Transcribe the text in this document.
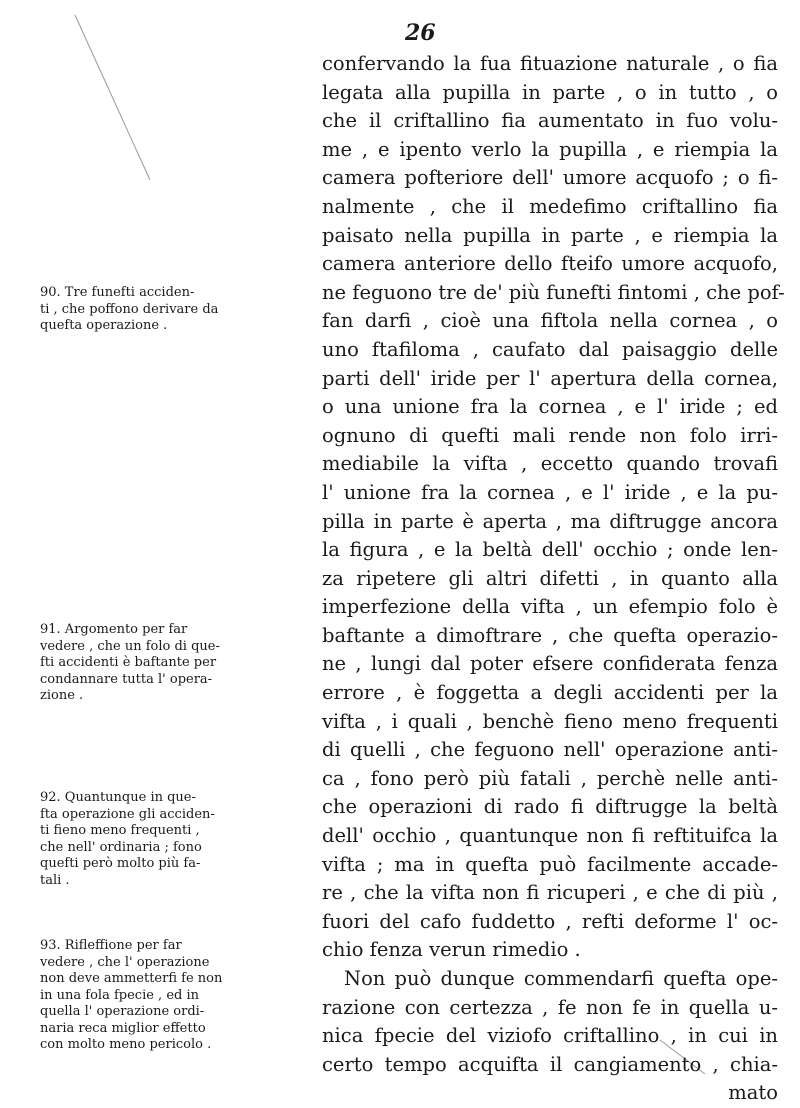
26
confervando la fua fituazione naturale , o fia
legata alla pupilla in parte , o in tutto , o
che il criftallino fia aumentato in fuo volu-
me , e ipento verlo la pupilla , e riempia la
camera pofteriore dell' umore acquofo ; o fi-
nalmente , che il medefimo criftallino fia
paisato nella pupilla in parte , e riempia la
camera anteriore dello fteifo umore acquofo,
ne feguono tre de' più funefti fintomi , che pof-
fan darfi , cioè una fiftola nella cornea , o
uno ftafiloma , caufato dal paisaggio delle
parti dell' iride per l' apertura della cornea,
o una unione fra la cornea , e l' iride ; ed
ognuno di quefti mali rende non folo irri-
mediabile la vifta , eccetto quando trovafi
l' unione fra la cornea , e l' iride , e la pu-
pilla in parte è aperta , ma diftrugge ancora
la figura , e la beltà dell' occhio ; onde len-
za ripetere gli altri difetti , in quanto alla
imperfezione della vifta , un efempio folo è
baftante a dimoftrare , che quefta operazio-
ne , lungi dal poter efsere confiderata fenza
errore , è foggetta a degli accidenti per la
vifta , i quali , benchè fieno meno frequenti
di quelli , che feguono nell' operazione anti-
ca , fono però più fatali , perchè nelle anti-
che operazioni di rado fi diftrugge la beltà
dell' occhio , quantunque non fi reftituifca la
vifta ; ma in quefta può facilmente accade-
re , che la vifta non fi ricuperi , e che di più ,
fuori del cafo fuddetto , refti deforme l' oc-
chio fenza verun rimedio .
Non può dunque commendarfi quefta ope-
razione con certezza , fe non fe in quella u-
nica fpecie del viziofo criftallino , in cui in
certo tempo acquifta il cangiamento , chia-
mato
90. Tre funefti acciden-
ti , che poffono derivare da
quefta operazione .
91. Argomento per far
vedere , che un folo di que-
fti accidenti è baftante per
condannare tutta l' opera-
zione .
92. Quantunque in que-
fta operazione gli acciden-
ti fieno meno frequenti ,
che nell' ordinaria ; fono
quefti però molto più fa-
tali .
93. Rifleffione per far
vedere , che l' operazione
non deve ammetterfi fe non
in una fola fpecie , ed in
quella l' operazione ordi-
naria reca miglior effetto
con molto meno pericolo .
